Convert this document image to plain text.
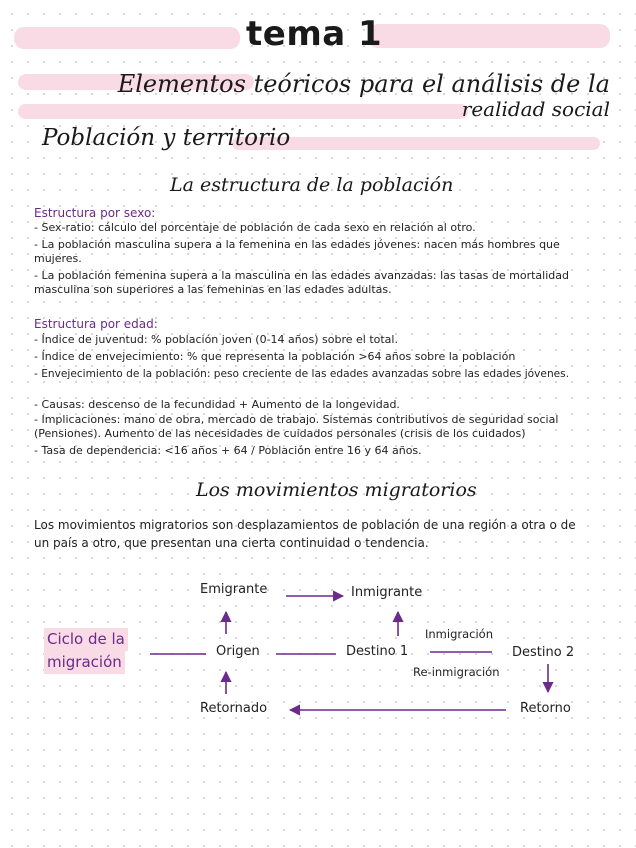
tema 1
Elementos teóricos para el análisis de la
realidad social
Población y territorio
La estructura de la población

Estructura por sexo:

- Sex-ratio: cálculo del porcentaje de población de cada sexo en relación al otro.

- La población masculina supera a la femenina en las edades jóvenes: nacen más hombres que mujeres.

- La población femenina supera a la masculina en las edades avanzadas: las tasas de mortalidad masculina son superiores a las femeninas en las edades adultas.

Estructura por edad:

- Índice de juventud: % población joven (0-14 años) sobre el total.

- Índice de envejecimiento: % que representa la población >64 años sobre la población

- Envejecimiento de la población: peso creciente de las edades avanzadas sobre las edades jóvenes.

- Causas: descenso de la fecundidad + Aumento de la longevidad.

- Implicaciones: mano de obra, mercado de trabajo. Sistemas contributivos de seguridad social (Pensiones). Aumento de las necesidades de cuidados personales (crisis de los cuidados)

- Tasa de dependencia: <16 años + 64 / Población entre 16 y 64 años.

Los movimientos migratorios

Los movimientos migratorios son desplazamientos de población de una región a otra o de un país a otro, que presentan una cierta continuidad o tendencia.

Ciclo de la
migración
Emigrante	Inmigrante
Origen	Destino 1	Destino 2
Inmigración
Re-inmigración
Retornado	Retorno
